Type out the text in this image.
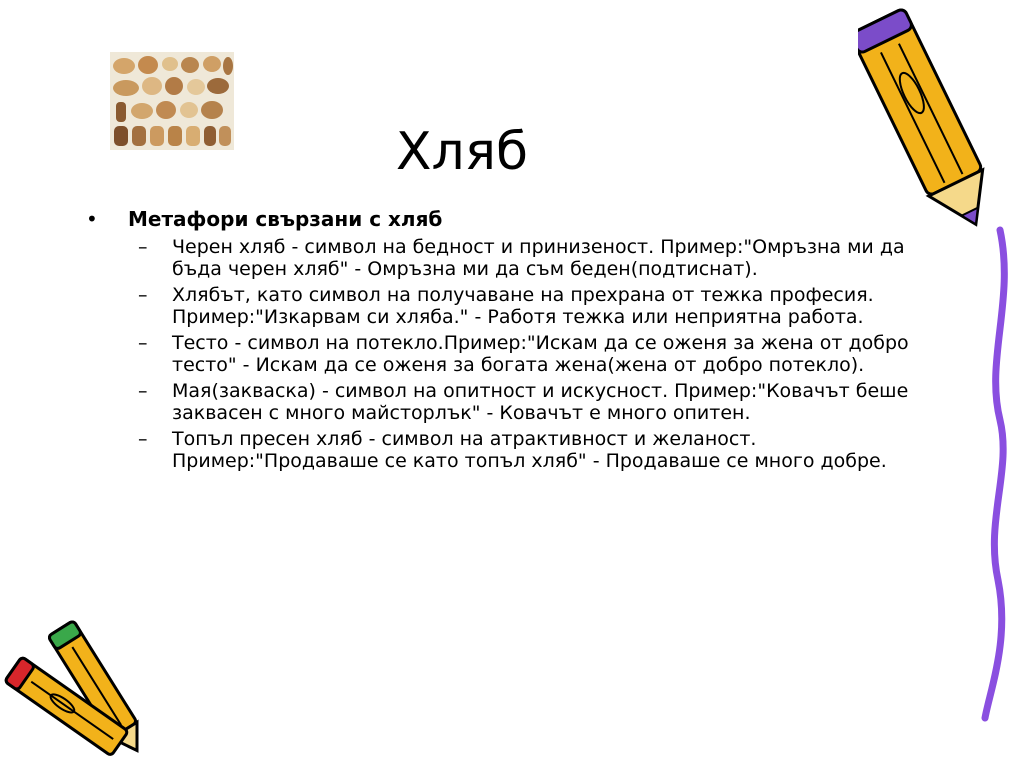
Хляб
•	Метафори свързани с хляб
–	Черен хляб - символ на бедност и принизеност. Пример:"Омръзна ми да бъда черен хляб" - Омръзна ми да съм беден(подтиснат).
–	Хлябът, като символ на получаване на прехрана от тежка професия. Пример:"Изкарвам си хляба." - Работя тежка или неприятна работа.
–	Тесто - символ на потекло.Пример:"Искам да се оженя за жена от добро тесто" - Искам да се оженя за богата жена(жена от добро потекло).
–	Мая(закваска) - символ на опитност и искусност. Пример:"Ковачът беше заквасен с много майсторлък" - Ковачът е много опитен.
–	Топъл пресен хляб - символ на атрактивност и желаност. Пример:"Продаваше се като топъл хляб" - Продаваше се много добре.
